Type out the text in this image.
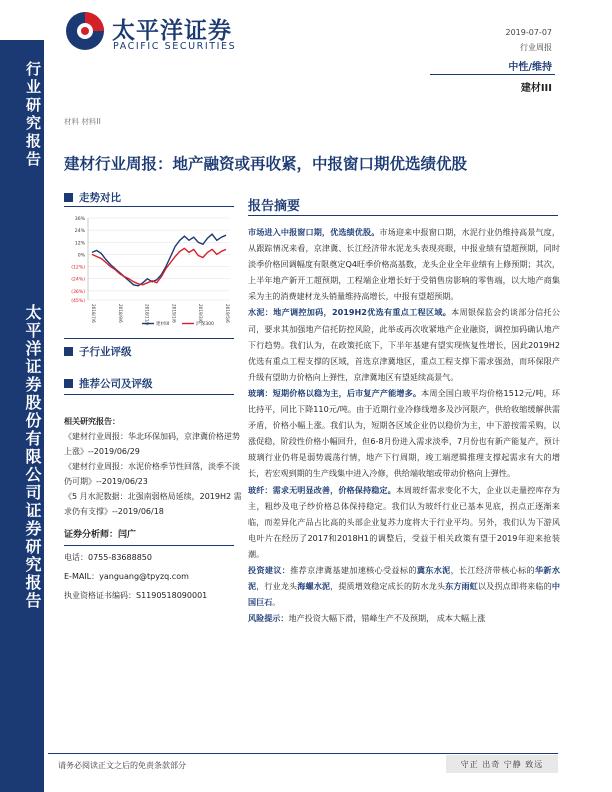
行业研究报告
太平洋证券股份有限公司证券研究报告
太平洋证券
PACIFIC SECURITIES
2019-07-07
行业周报
中性/维持
建材III
材料 材料II
建材行业周报：地产融资或再收紧，中报窗口期优选绩优股
走势对比
36%
24%
12%
0%
(12%)
(24%)
(36%)
(45%)
2018/7/6	2018/9/6	2018/11/6	2019/1/6	2019/3/6	2019/5/6
建材III	沪深300
子行业评级
推荐公司及评级
相关研究报告：
《建材行业周报：华北环保加码，京津冀价格逆势上涨》--2019/06/29
《建材行业周报：水泥价格季节性回落，淡季不淡仍可期》--2019/06/23
《5 月水泥数据：北强南弱格局延续，2019H2 需求仍有支撑》--2019/06/18
证券分析师：闫广
电话：0755-83688850
E-MAIL：yanguang@tpyzq.com
执业资格证书编码：S1190518090001
报告摘要

市场进入中报窗口期，优选绩优股。市场迎来中报窗口期，水泥行业仍维持高景气度，从跟踪情况来看，京津冀、长江经济带水泥龙头表现亮眼，中报业绩有望超预期，同时淡季价格回调幅度有限奠定Q4旺季价格高基数，龙头企业全年业绩有上修预期；其次，上半年地产新开工超预期，工程端企业增长好于受销售房影响的零售端，以大地产商集采为主的消费建材龙头销量维持高增长，中报有望超预期。

水泥：地产调控加码，2019H2优选有重点工程区域。本周银保监会约谈部分信托公司，要求其加强地产信托防控风险，此举或再次收紧地产企业融资，调控加码确认地产下行趋势。我们认为，在政策托底下，下半年基建有望实现恢复性增长，因此2019H2优选有重点工程支撑的区域，首选京津冀地区，重点工程支撑下需求强劲，而环保限产升级有望助力价格向上弹性，京津冀地区有望延续高景气。

玻璃：短期价格以稳为主，后市复产产能增多。本周全国白玻平均价格1512元/吨，环比持平，同比下降110元/吨。由于近期行业冷修线增多及沙河限产，供给收缩缓解供需矛盾，价格小幅上涨。我们认为，短期各区域企业仍以稳价为主，中下游按需采购，以涨促稳，阶段性价格小幅回升，但6-8月份进入需求淡季，7月份也有新产能复产，预计玻璃行业仍将是弱势震荡行情，地产下行周期，竣工端逻辑推理支撑起需求有大的增长，若宏观到期的生产线集中进入冷修，供给端收缩或带动价格向上弹性。

玻纤：需求无明显改善，价格保持稳定。本周玻纤需求变化不大，企业以走量控库存为主，粗纱及电子纱价格总体保持稳定。我们认为玻纤行业已基本见底，拐点正逐渐来临，而差异化产品占比高的头部企业复苏力度将大于行业平均。另外，我们认为下游风电叶片在经历了2017和2018H1的调整后，受益于相关政策有望于2019年迎来抢装潮。

投资建议：推荐京津冀基建加速核心受益标的冀东水泥，长江经济带核心标的华新水泥，行业龙头海螺水泥，提质增效稳定成长的防水龙头东方雨虹以及拐点即将来临的中国巨石。

风险提示：地产投资大幅下滑，错峰生产不及预期， 成本大幅上涨

请务必阅读正文之后的免责条款部分	守正 出奇 宁静 致远
